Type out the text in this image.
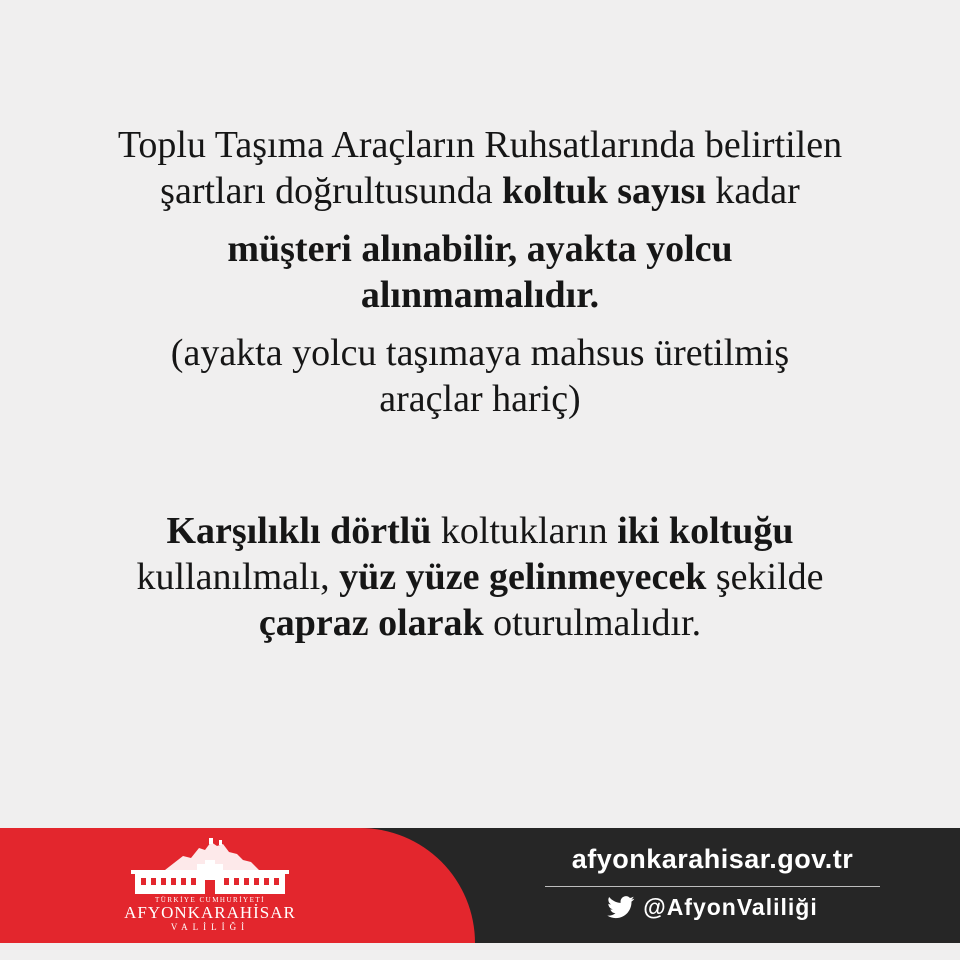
Toplu Taşıma Araçların Ruhsatlarında belirtilen
şartları doğrultusunda koltuk sayısı kadar
müşteri alınabilir, ayakta yolcu
alınmamalıdır.
(ayakta yolcu taşımaya mahsus üretilmiş
araçlar hariç)
Karşılıklı dörtlü koltukların iki koltuğu
kullanılmalı, yüz yüze gelinmeyecek şekilde
çapraz olarak oturulmalıdır.
TÜRKİYE CUMHURİYETİ
AFYONKARAHİSAR
VALİLİĞİ
afyonkarahisar.gov.tr
@AfyonValiliği
